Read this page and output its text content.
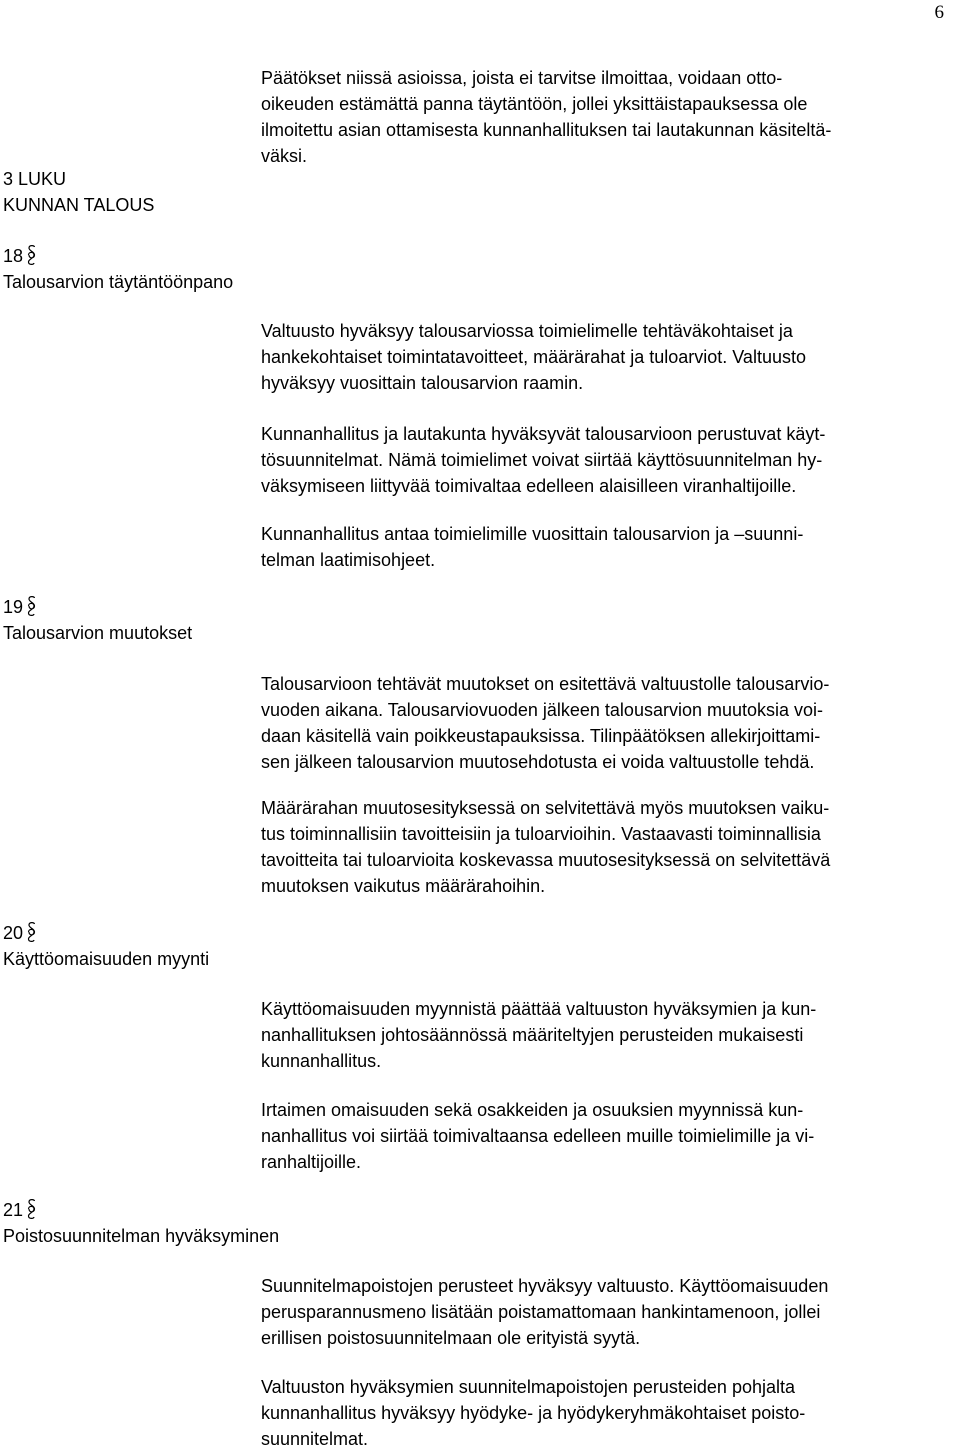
6
3 LUKU
KUNNAN TALOUS
18
Talousarvion täytäntöönpano
19
Talousarvion muutokset
20
Käyttöomaisuuden myynti
21
Poistosuunnitelman hyväksyminen

Päätökset niissä asioissa, joista ei tarvitse ilmoittaa, voidaan otto-
oikeuden estämättä panna täytäntöön, jollei yksittäistapauksessa ole
ilmoitettu asian ottamisesta kunnanhallituksen tai lautakunnan käsiteltä-
väksi.

Valtuusto hyväksyy talousarviossa toimielimelle tehtäväkohtaiset ja
hankekohtaiset toimintatavoitteet, määrärahat ja tuloarviot. Valtuusto
hyväksyy vuosittain talousarvion raamin.

Kunnanhallitus ja lautakunta hyväksyvät talousarvioon perustuvat käyt-
tösuunnitelmat. Nämä toimielimet voivat siirtää käyttösuunnitelman hy-
väksymiseen liittyvää toimivaltaa edelleen alaisilleen viranhaltijoille.

Kunnanhallitus antaa toimielimille vuosittain talousarvion ja –suunni-
telman laatimisohjeet.

Talousarvioon tehtävät muutokset on esitettävä valtuustolle talousarvio-
vuoden aikana. Talousarviovuoden jälkeen talousarvion muutoksia voi-
daan käsitellä vain poikkeustapauksissa. Tilinpäätöksen allekirjoittami-
sen jälkeen talousarvion muutosehdotusta ei voida valtuustolle tehdä.

Määrärahan muutosesityksessä on selvitettävä myös muutoksen vaiku-
tus toiminnallisiin tavoitteisiin ja tuloarvioihin. Vastaavasti toiminnallisia
tavoitteita tai tuloarvioita koskevassa muutosesityksessä on selvitettävä
muutoksen vaikutus määrärahoihin.

Käyttöomaisuuden myynnistä päättää valtuuston hyväksymien ja kun-
nanhallituksen johtosäännössä määriteltyjen perusteiden mukaisesti
kunnanhallitus.

Irtaimen omaisuuden sekä osakkeiden ja osuuksien myynnissä kun-
nanhallitus voi siirtää toimivaltaansa edelleen muille toimielimille ja vi-
ranhaltijoille.

Suunnitelmapoistojen perusteet hyväksyy valtuusto. Käyttöomaisuuden
perusparannusmeno lisätään poistamattomaan hankintamenoon, jollei
erillisen poistosuunnitelmaan ole erityistä syytä.

Valtuuston hyväksymien suunnitelmapoistojen perusteiden pohjalta
kunnanhallitus hyväksyy hyödyke- ja hyödykeryhmäkohtaiset poisto-
suunnitelmat.
